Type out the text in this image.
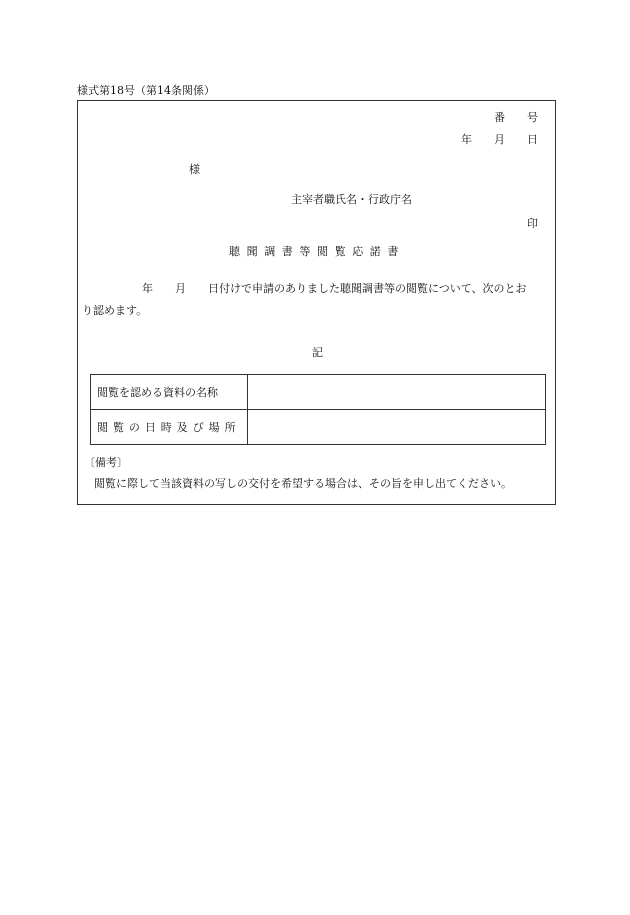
様式第18号（第14条関係）
番　　号
年　　月　　日
様
主宰者職氏名・行政庁名
印
聴聞調書等閲覧応諾書
年　　月　　日付けで申請のありました聴聞調書等の閲覧について、次のとお
り認めます。
記
閲覧を認める資料の名称	
閲覧の日時及び場所	
〔備考〕
閲覧に際して当該資料の写しの交付を希望する場合は、その旨を申し出てください。
